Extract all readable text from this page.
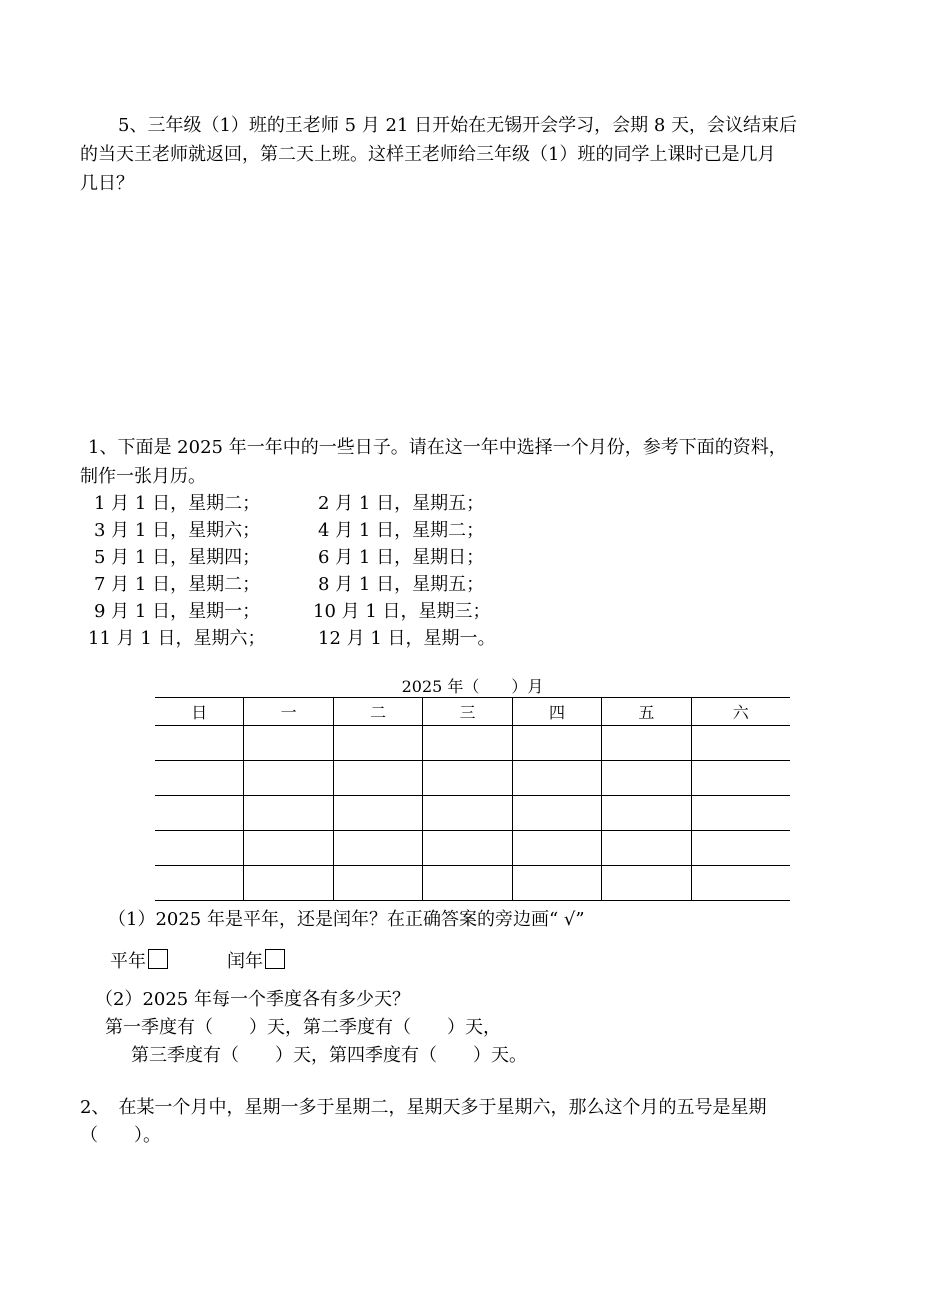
5、三年级（1）班的王老师 5 月 21 日开始在无锡开会学习，会期 8 天，会议结束后
的当天王老师就返回，第二天上班。这样王老师给三年级（1）班的同学上课时已是几月
几日？
1、下面是 2025 年一年中的一些日子。请在这一年中选择一个月份，参考下面的资料，
制作一张月历。
1 月 1 日，星期二；	2 月 1 日，星期五；
3 月 1 日，星期六；	4 月 1 日，星期二；
5 月 1 日，星期四；	6 月 1 日，星期日；
7 月 1 日，星期二；	8 月 1 日，星期五；
9 月 1 日，星期一；	10 月 1 日，星期三；
11 月 1 日，星期六；	12 月 1 日，星期一。
2025 年（　　）月
日	一	二	三	四	五	六

（1）2025 年是平年，还是闰年？在正确答案的旁边画“ √”
平年	闰年
（2）2025 年每一个季度各有多少天？
第一季度有（　　）天，第二季度有（　　）天，
第三季度有（　　）天，第四季度有（　　）天。
2、　在某一个月中，星期一多于星期二，星期天多于星期六，那么这个月的五号是星期
（　　）。
